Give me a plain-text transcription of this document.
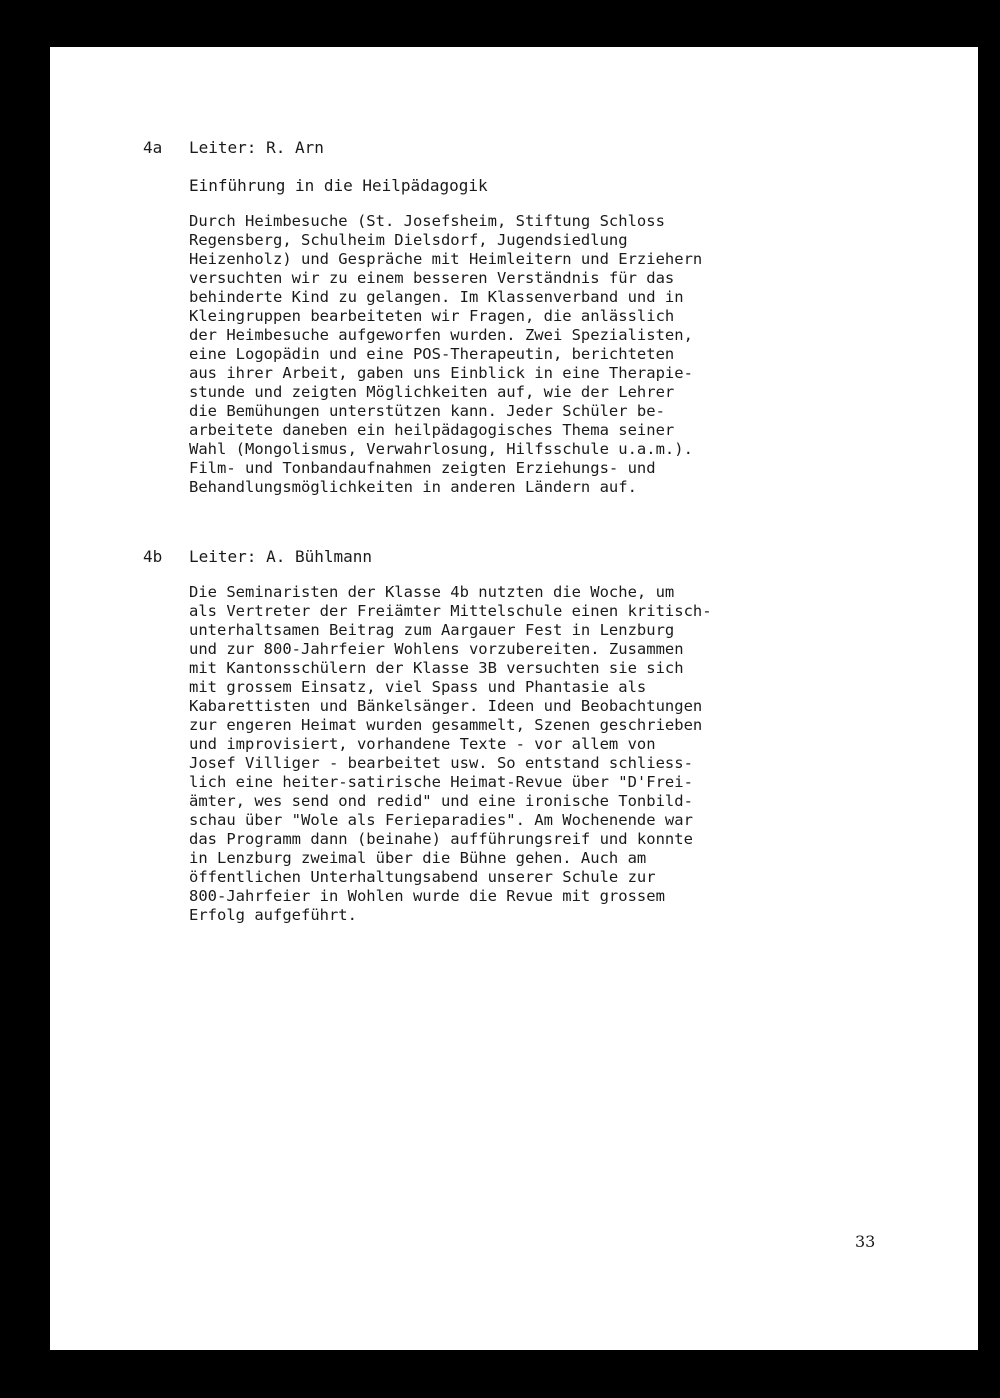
4a Leiter: R. Arn
Einführung in die Heilpädagogik
Durch Heimbesuche (St. Josefsheim, Stiftung Schloss
Regensberg, Schulheim Dielsdorf, Jugendsiedlung
Heizenholz) und Gespräche mit Heimleitern und Erziehern
versuchten wir zu einem besseren Verständnis für das
behinderte Kind zu gelangen. Im Klassenverband und in
Kleingruppen bearbeiteten wir Fragen, die anlässlich
der Heimbesuche aufgeworfen wurden. Zwei Spezialisten,
eine Logopädin und eine POS-Therapeutin, berichteten
aus ihrer Arbeit, gaben uns Einblick in eine Therapie-
stunde und zeigten Möglichkeiten auf, wie der Lehrer
die Bemühungen unterstützen kann. Jeder Schüler be-
arbeitete daneben ein heilpädagogisches Thema seiner
Wahl (Mongolismus, Verwahrlosung, Hilfsschule u.a.m.).
Film- und Tonbandaufnahmen zeigten Erziehungs- und
Behandlungsmöglichkeiten in anderen Ländern auf.
4b Leiter: A. Bühlmann
Die Seminaristen der Klasse 4b nutzten die Woche, um
als Vertreter der Freiämter Mittelschule einen kritisch-
unterhaltsamen Beitrag zum Aargauer Fest in Lenzburg
und zur 800-Jahrfeier Wohlens vorzubereiten. Zusammen
mit Kantonsschülern der Klasse 3B versuchten sie sich
mit grossem Einsatz, viel Spass und Phantasie als
Kabarettisten und Bänkelsänger. Ideen und Beobachtungen
zur engeren Heimat wurden gesammelt, Szenen geschrieben
und improvisiert, vorhandene Texte - vor allem von
Josef Villiger - bearbeitet usw. So entstand schliess-
lich eine heiter-satirische Heimat-Revue über "D'Frei-
ämter, wes send ond redid" und eine ironische Tonbild-
schau über "Wole als Ferieparadies". Am Wochenende war
das Programm dann (beinahe) aufführungsreif und konnte
in Lenzburg zweimal über die Bühne gehen. Auch am
öffentlichen Unterhaltungsabend unserer Schule zur
800-Jahrfeier in Wohlen wurde die Revue mit grossem
Erfolg aufgeführt.
33
